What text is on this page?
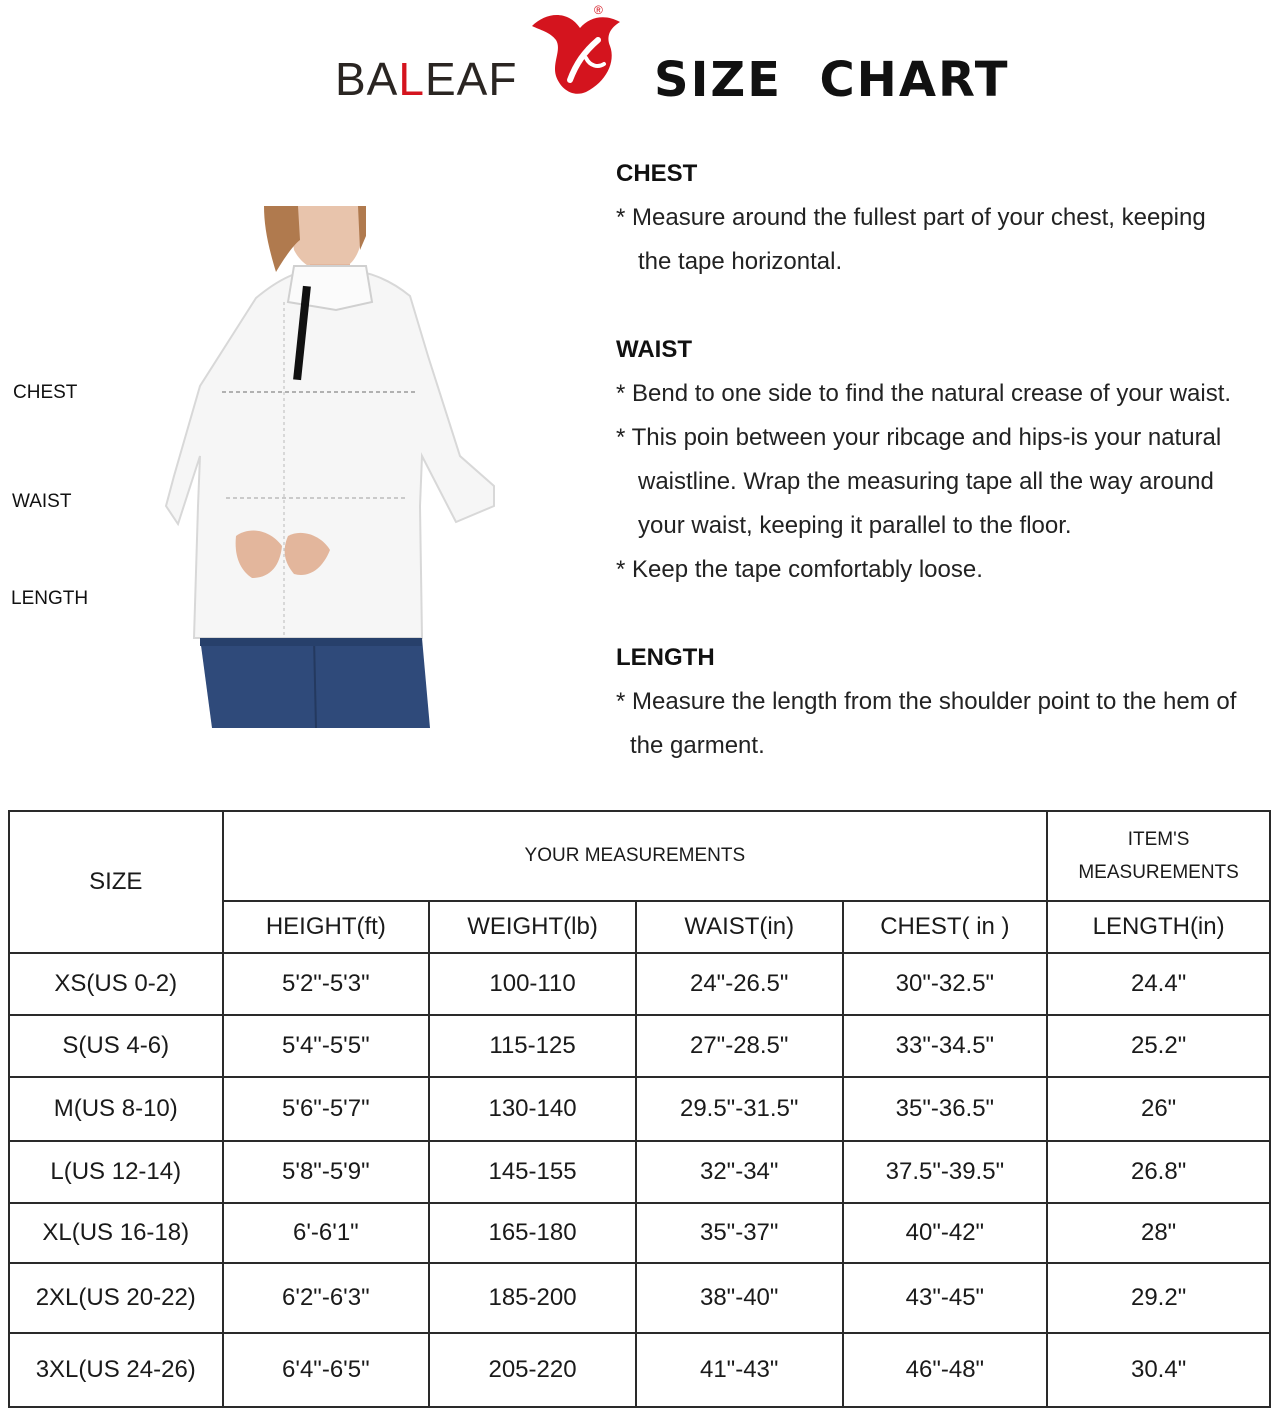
BALEAF
®
SIZE  CHART
CHEST
WAIST
LENGTH
CHEST
* Measure around the fullest part of your chest, keeping
the tape horizontal.
WAIST
* Bend to one side to find the natural crease of your waist.
* This poin between your ribcage and hips-is your natural
waistline. Wrap the measuring tape all the way around
your waist, keeping it parallel to the floor.
* Keep the tape comfortably loose.
LENGTH
* Measure the length from the shoulder point to the hem of
the garment.
SIZE	YOUR MEASUREMENTS				ITEM'S
MEASUREMENTS
	HEIGHT(ft)	WEIGHT(lb)	WAIST(in)	CHEST( in )	LENGTH(in)
XS(US 0-2)	5'2"-5'3"	100-110	24"-26.5"	30"-32.5"	24.4"
S(US 4-6)	5'4"-5'5"	115-125	27"-28.5"	33"-34.5"	25.2"
M(US 8-10)	5'6"-5'7"	130-140	29.5"-31.5"	35"-36.5"	26"
L(US 12-14)	5'8"-5'9"	145-155	32"-34"	37.5"-39.5"	26.8"
XL(US 16-18)	6'-6'1"	165-180	35"-37"	40"-42"	28"
2XL(US 20-22)	6'2"-6'3"	185-200	38"-40"	43"-45"	29.2"
3XL(US 24-26)	6'4"-6'5"	205-220	41"-43"	46"-48"	30.4"
